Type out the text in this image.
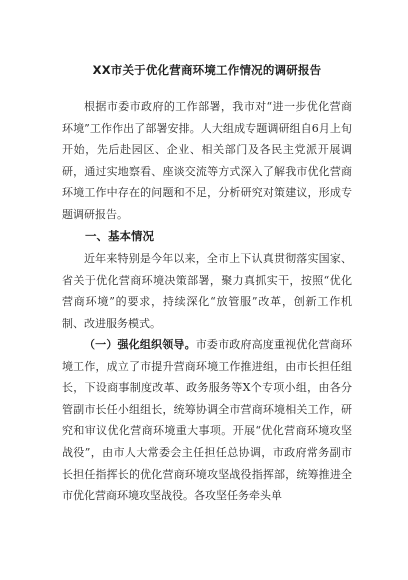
XX市关于优化营商环境工作情况的调研报告

根据市委市政府的工作部署，我市对“进一步优化营商环境”工作作出了部署安排。人大组成专题调研组自6月上旬开始，先后赴园区、企业、相关部门及各民主党派开展调研，通过实地察看、座谈交流等方式深入了解我市优化营商环境工作中存在的问题和不足，分析研究对策建议，形成专题调研报告。

一、基本情况

近年来特别是今年以来，全市上下认真贯彻落实国家、省关于优化营商环境决策部署，聚力真抓实干，按照“优化营商环境”的要求，持续深化“放管服”改革，创新工作机制、改进服务模式。

（一）强化组织领导。市委市政府高度重视优化营商环境工作，成立了市提升营商环境工作推进组，由市长担任组长，下设商事制度改革、政务服务等X个专项小组，由各分管副市长任小组组长，统筹协调全市营商环境相关工作，研究和审议优化营商环境重大事项。开展“优化营商环境攻坚战役”，由市人大常委会主任担任总协调，市政府常务副市长担任指挥长的优化营商环境攻坚战役指挥部，统筹推进全市优化营商环境攻坚战役。各攻坚任务牵头单
